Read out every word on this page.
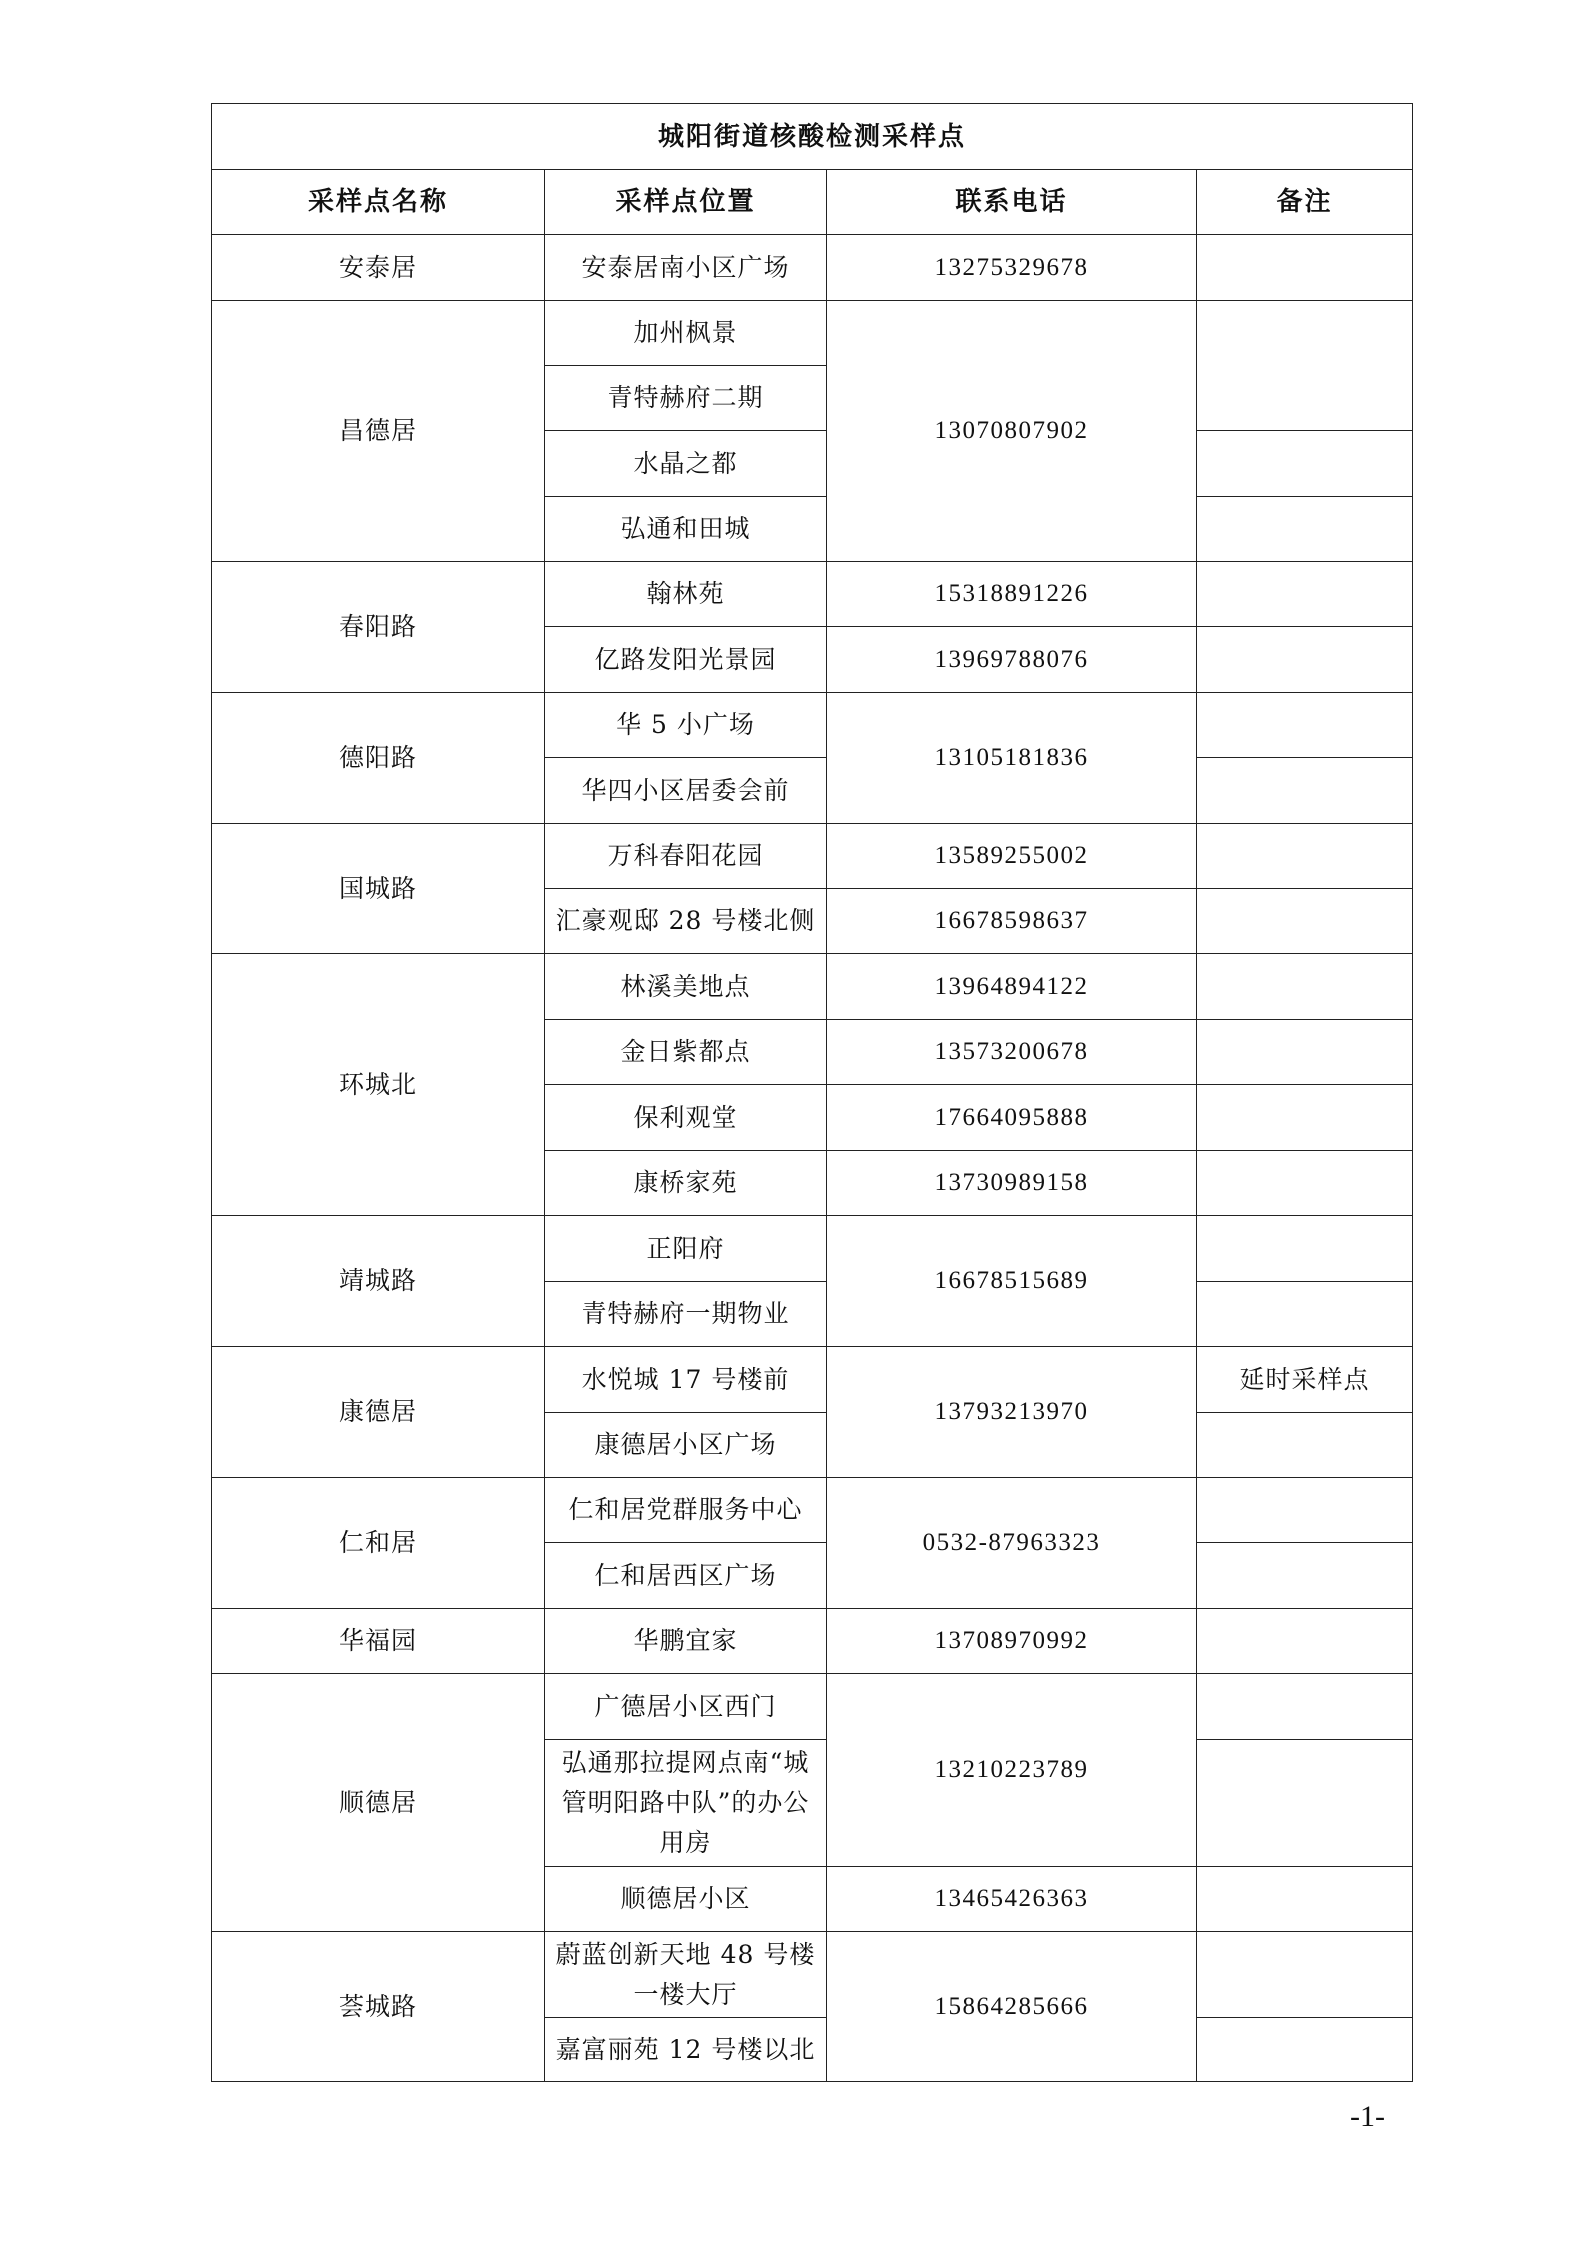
城阳街道核酸检测采样点			
采样点名称	采样点位置	联系电话	备注
安泰居	安泰居南小区广场	13275329678	
昌德居	加州枫景	13070807902	
	青特赫府二期		
	水晶之都		
	弘通和田城		
春阳路	翰林苑	15318891226	
	亿路发阳光景园	13969788076	
德阳路	华 5 小广场	13105181836	
	华四小区居委会前		
国城路	万科春阳花园	13589255002	
	汇豪观邸 28 号楼北侧	16678598637	
环城北	林溪美地点	13964894122	
	金日紫都点	13573200678	
	保利观堂	17664095888	
	康桥家苑	13730989158	
靖城路	正阳府	16678515689	
	青特赫府一期物业		
康德居	水悦城 17 号楼前	13793213970	延时采样点
	康德居小区广场		
仁和居	仁和居党群服务中心	0532-87963323	
	仁和居西区广场		
华福园	华鹏宜家	13708970992	
顺德居	广德居小区西门	13210223789	
	弘通那拉提网点南“城管明阳路中队”的办公用房		
	顺德居小区	13465426363	
荟城路	蔚蓝创新天地 48 号楼一楼大厅	15864285666	
	嘉富丽苑 12 号楼以北		
-1-
